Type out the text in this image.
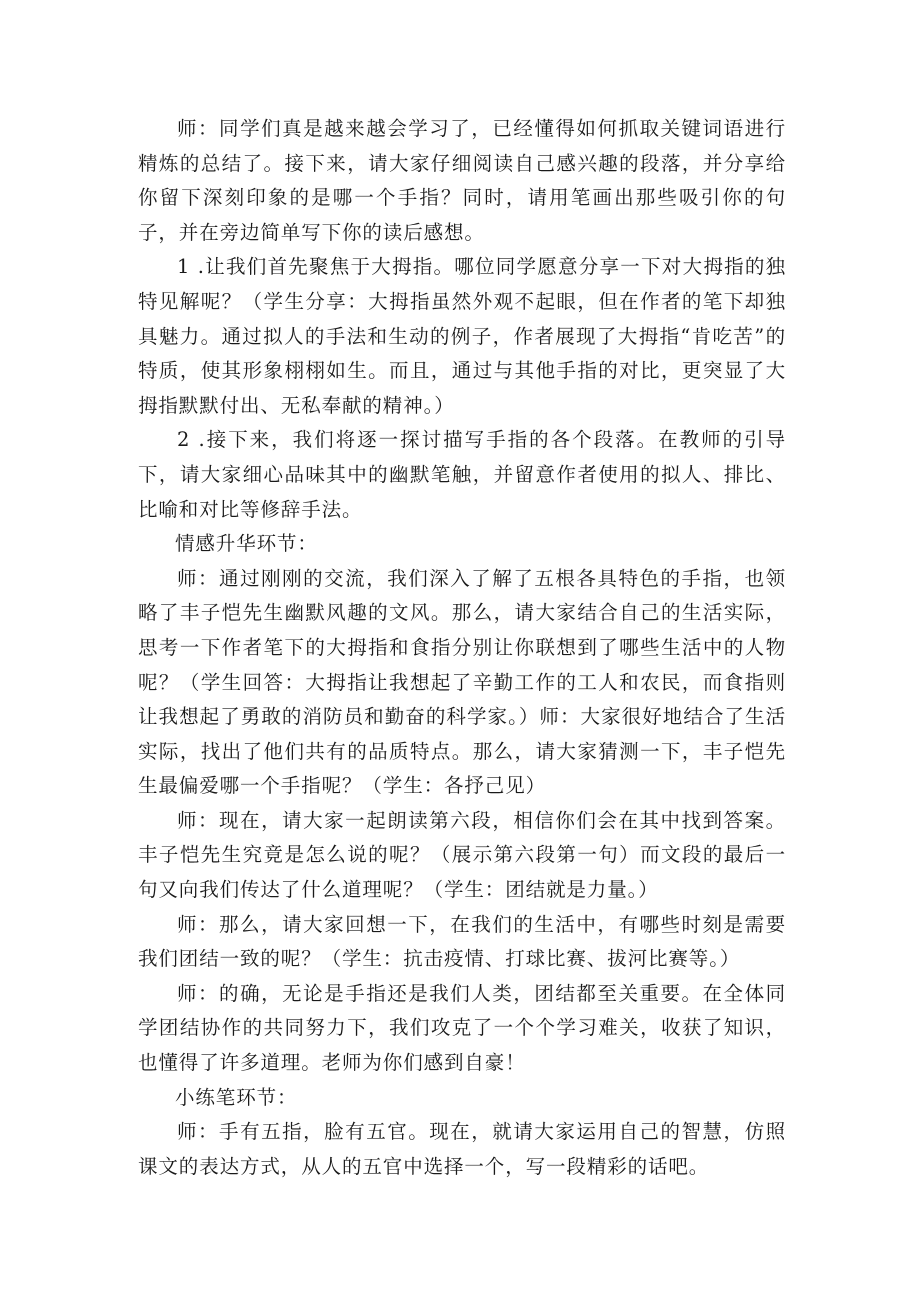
师：同学们真是越来越会学习了，已经懂得如何抓取关键词语进行精炼的总结了。接下来，请大家仔细阅读自己感兴趣的段落，并分享给你留下深刻印象的是哪一个手指？同时，请用笔画出那些吸引你的句子，并在旁边简单写下你的读后感想。

1 .让我们首先聚焦于大拇指。哪位同学愿意分享一下对大拇指的独特见解呢？（学生分享：大拇指虽然外观不起眼，但在作者的笔下却独具魅力。通过拟人的手法和生动的例子，作者展现了大拇指“肯吃苦”的特质，使其形象栩栩如生。而且，通过与其他手指的对比，更突显了大拇指默默付出、无私奉献的精神。）

2 .接下来，我们将逐一探讨描写手指的各个段落。在教师的引导下，请大家细心品味其中的幽默笔触，并留意作者使用的拟人、排比、比喻和对比等修辞手法。

情感升华环节：

师：通过刚刚的交流，我们深入了解了五根各具特色的手指，也领略了丰子恺先生幽默风趣的文风。那么，请大家结合自己的生活实际，思考一下作者笔下的大拇指和食指分别让你联想到了哪些生活中的人物呢？（学生回答：大拇指让我想起了辛勤工作的工人和农民，而食指则让我想起了勇敢的消防员和勤奋的科学家。）师：大家很好地结合了生活实际，找出了他们共有的品质特点。那么，请大家猜测一下，丰子恺先生最偏爱哪一个手指呢？（学生：各抒己见）

师：现在，请大家一起朗读第六段，相信你们会在其中找到答案。丰子恺先生究竟是怎么说的呢？（展示第六段第一句）而文段的最后一句又向我们传达了什么道理呢？（学生：团结就是力量。）

师：那么，请大家回想一下，在我们的生活中，有哪些时刻是需要我们团结一致的呢？（学生：抗击疫情、打球比赛、拔河比赛等。）

师：的确，无论是手指还是我们人类，团结都至关重要。在全体同学团结协作的共同努力下，我们攻克了一个个学习难关，收获了知识，也懂得了许多道理。老师为你们感到自豪！

小练笔环节：

师：手有五指，脸有五官。现在，就请大家运用自己的智慧，仿照课文的表达方式，从人的五官中选择一个，写一段精彩的话吧。
